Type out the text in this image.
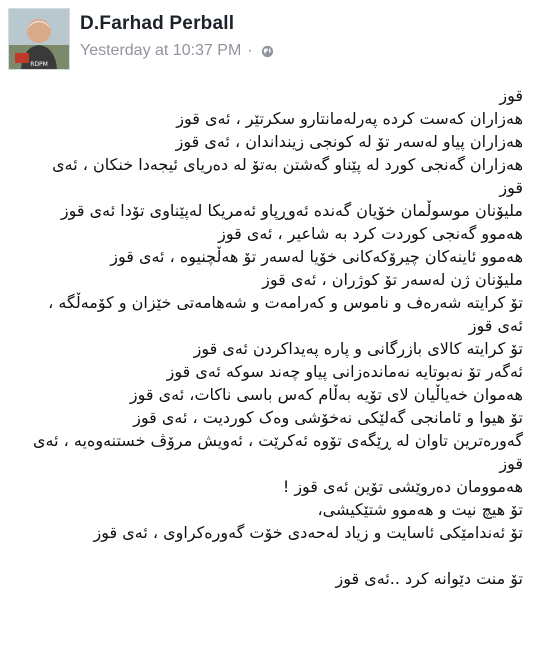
RDPM
D.Farhad Perball
Yesterday at 10:37 PM ·
قوز
هەزاران کەست کردە پەرلەمانتارو سکرتێر ، ئەی قوز
هەزاران پیاو لەسەر تۆ لە کونجی زینداندان ، ئەی قوز
هەزاران گەنجی کورد لە پێناو گەشتن بەتۆ لە دەریای ئیجەدا خنکان ، ئەی
قوز
ملیۆنان موسوڵمان خۆیان گەندە ئەوڕپاو ئەمریکا لەپێناوی تۆدا ئەی قوز
هەموو گەنجی کوردت کرد بە شاعیر ، ئەی قوز
هەموو ئاینەکان چیرۆکەکانی خۆیا لەسەر تۆ هەڵچنیوە ، ئەی قوز
ملیۆنان ژن لەسەر تۆ کوژران ، ئەی قوز
تۆ کرایتە شەرەف و ناموس و کەرامەت و شەهامەتی خێزان و کۆمەڵگە ،
ئەی قوز
تۆ کرایتە کالای بازرگانی و پارە پەیداکردن ئەی قوز
ئەگەر تۆ نەبوتایە نەماندەزانی پیاو چەند سوکە ئەی قوز
هەموان خەیاڵیان لای تۆیە بەڵام کەس باسی ناکات، ئەی قوز
تۆ هیوا و ئامانجی گەلێکی نەخۆشی وەک کوردیت ، ئەی قوز
گەورەترین تاوان لە ڕێگەی تۆوە ئەکرێت ، ئەویش مرۆڤ خستنەوەیە ، ئەی
قوز
هەمووما‌ن دەروێشی تۆین ئەی قوز !
تۆ هیچ نیت و هەموو شتێکیشی،
تۆ ئەندامێکی ئاسایت و زیاد لەحەدی خۆت گەورەکراوی ، ئەی قوز
تۆ منت دێوانە کرد ..ئەی قوز
